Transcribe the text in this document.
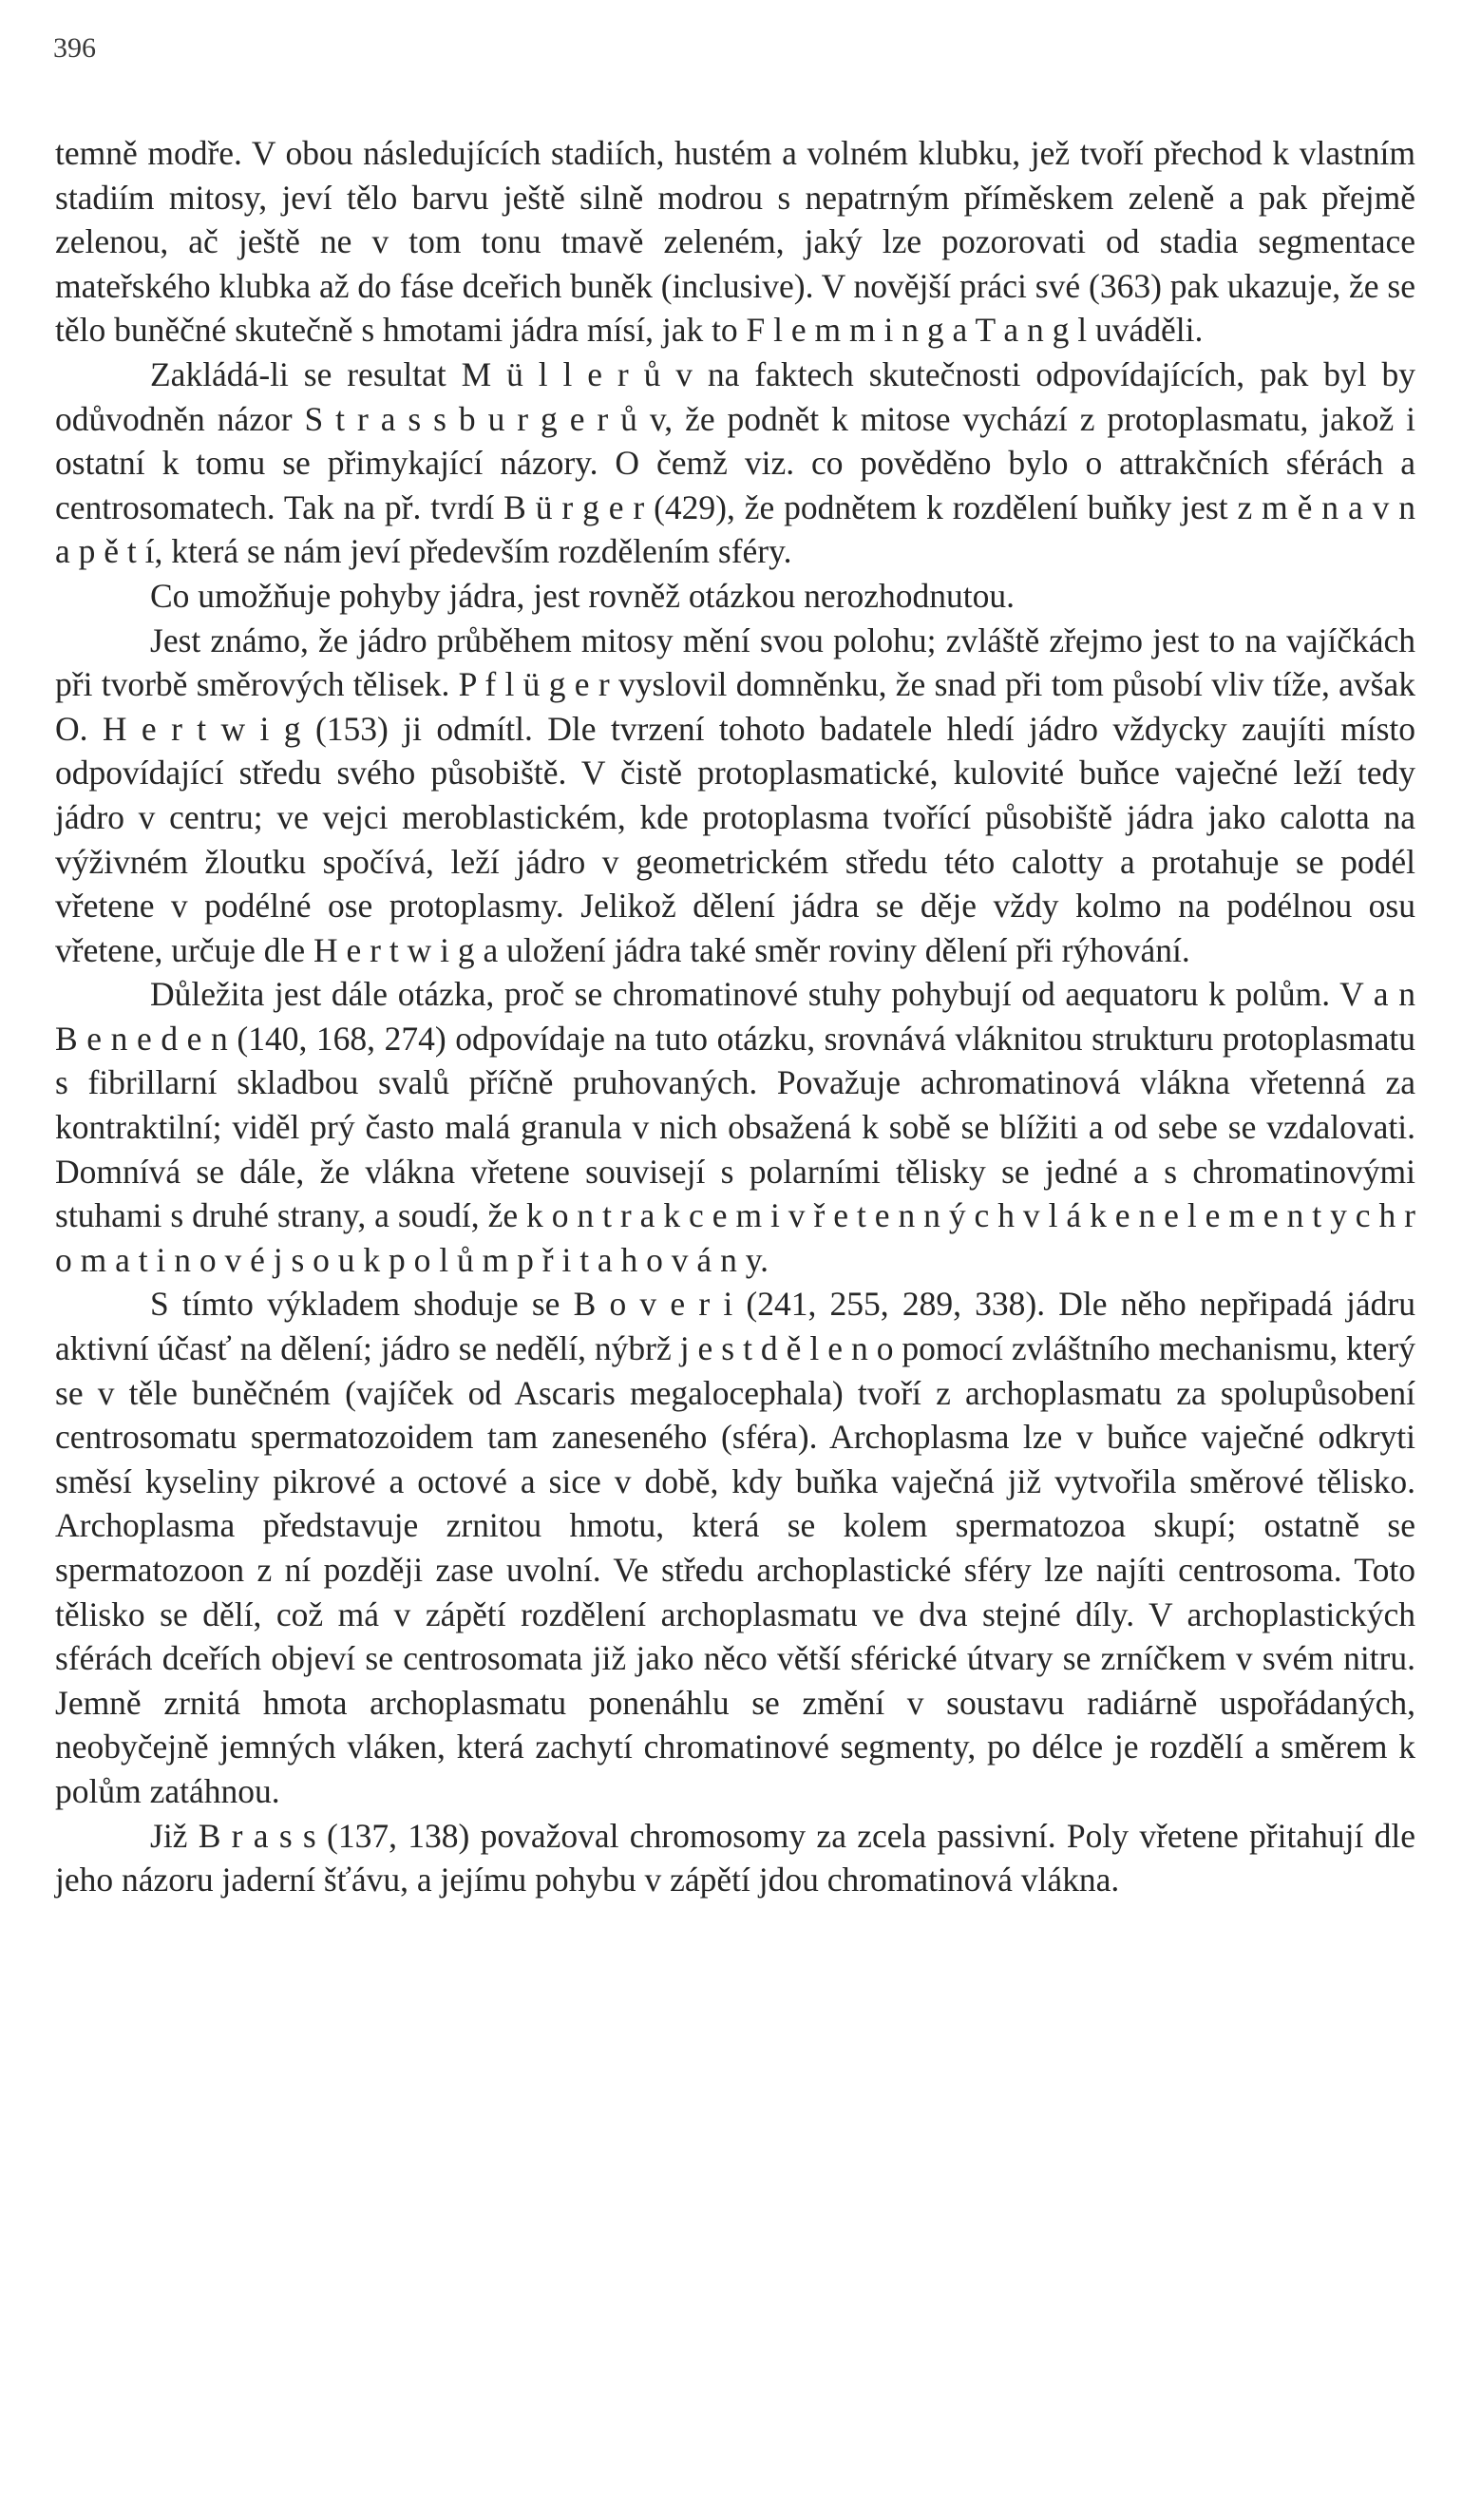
396

temně modře. V obou následujících stadiích, hustém a volném klubku, jež tvoří přechod k vlastním stadiím mitosy, jeví tělo barvu ještě silně modrou s nepatrným příměskem zeleně a pak přejmě zelenou, ač ještě ne v tom tonu tmavě zeleném, jaký lze pozorovati od stadia segmentace mateřského klubka až do fáse dceřich buněk (inclusive). V novější práci své (363) pak ukazuje, že se tělo buněčné skutečně s hmotami jádra mísí, jak to F l e m m i n g a T a n g l uváděli.

Zakládá-li se resultat M ü l l e r ů v na faktech skutečnosti odpovídajících, pak byl by odůvodněn názor S t r a s s b u r g e r ů v, že podnět k mitose vychází z protoplasmatu, jakož i ostatní k tomu se přimykající názory. O čemž viz. co pověděno bylo o attrakčních sférách a centrosomatech. Tak na př. tvrdí B ü r g e r (429), že podnětem k rozdělení buňky jest z m ě n a v n a p ě t í, která se nám jeví především rozdělením sféry.

Co umožňuje pohyby jádra, jest rovněž otázkou nerozhodnutou.

Jest známo, že jádro průběhem mitosy mění svou polohu; zvláště zřejmo jest to na vajíčkách při tvorbě směrových tělisek. P f l ü g e r vyslovil domněnku, že snad při tom působí vliv tíže, avšak O. H e r t w i g (153) ji odmítl. Dle tvrzení tohoto badatele hledí jádro vždycky zaujíti místo odpovídající středu svého působiště. V čistě protoplasmatické, kulovité buňce vaječné leží tedy jádro v centru; ve vejci meroblastickém, kde protoplasma tvořící působiště jádra jako calotta na výživném žloutku spočívá, leží jádro v geometrickém středu této calotty a protahuje se podél vřetene v podélné ose protoplasmy. Jelikož dělení jádra se děje vždy kolmo na podélnou osu vřetene, určuje dle H e r t w i g a uložení jádra také směr roviny dělení při rýhování.

Důležita jest dále otázka, proč se chromatinové stuhy pohybují od aequatoru k polům. V a n B e n e d e n (140, 168, 274) odpovídaje na tuto otázku, srovnává vláknitou strukturu protoplasmatu s fibrillarní skladbou svalů příčně pruhovaných. Považuje achromatinová vlákna vřetenná za kontraktilní; viděl prý často malá granula v nich obsažená k sobě se blížiti a od sebe se vzdalovati. Domnívá se dále, že vlákna vřetene souvisejí s polarními tělisky se jedné a s chromatinovými stuhami s druhé strany, a soudí, že k o n t r a k c e m i v ř e t e n n ý c h v l á k e n e l e m e n t y c h r o m a t i n o v é j s o u k p o l ů m p ř i t a h o v á n y.

S tímto výkladem shoduje se B o v e r i (241, 255, 289, 338). Dle něho nepřipadá jádru aktivní účasť na dělení; jádro se nedělí, nýbrž j e s t d ě l e n o pomocí zvláštního mechanismu, který se v těle buněčném (vajíček od Ascaris megalocephala) tvoří z archoplasmatu za spolupůsobení centrosomatu spermatozoidem tam zaneseného (sféra). Archoplasma lze v buňce vaječné odkryti směsí kyseliny pikrové a octové a sice v době, kdy buňka vaječná již vytvořila směrové tělisko. Archoplasma představuje zrnitou hmotu, která se kolem spermatozoa skupí; ostatně se spermatozoon z ní později zase uvolní. Ve středu archoplastické sféry lze najíti centrosoma. Toto tělisko se dělí, což má v zápětí rozdělení archoplasmatu ve dva stejné díly. V archoplastických sférách dceřích objeví se centrosomata již jako něco větší sférické útvary se zrníčkem v svém nitru. Jemně zrnitá hmota archoplasmatu ponenáhlu se změní v soustavu radiárně uspořádaných, neobyčejně jemných vláken, která zachytí chromatinové segmenty, po délce je rozdělí a směrem k polům zatáhnou.

Již B r a s s (137, 138) považoval chromosomy za zcela passivní. Poly vřetene přitahují dle jeho názoru jaderní šťávu, a jejímu pohybu v zápětí jdou chromatinová vlákna.
